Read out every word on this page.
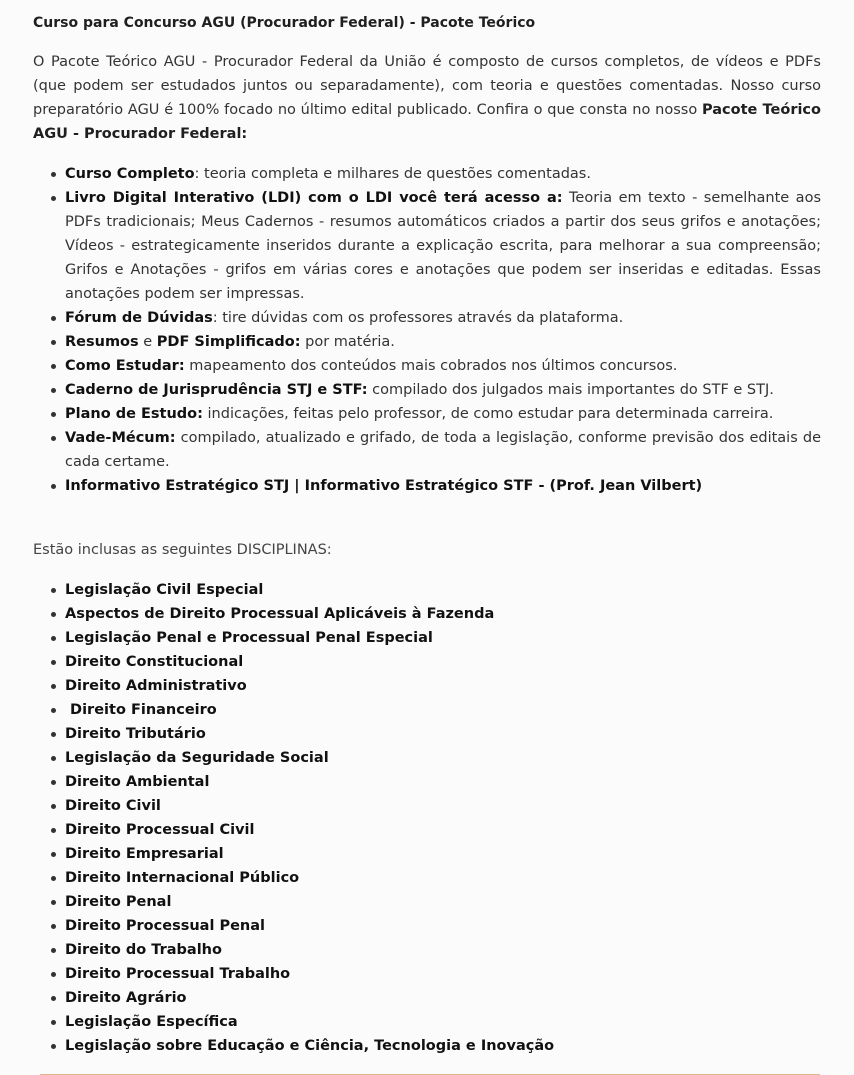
Curso para Concurso AGU (Procurador Federal) - Pacote Teórico

O Pacote Teórico AGU - Procurador Federal da União é composto de cursos completos, de vídeos e PDFs (que podem ser estudados juntos ou separadamente), com teoria e questões comentadas. Nosso curso preparatório AGU é 100% focado no último edital publicado. Confira o que consta no nosso Pacote Teórico AGU - Procurador Federal:

Curso Completo: teoria completa e milhares de questões comentadas.
Livro Digital Interativo (LDI) com o LDI você terá acesso a: Teoria em texto - semelhante aos PDFs tradicionais; Meus Cadernos - resumos automáticos criados a partir dos seus grifos e anotações; Vídeos - estrategicamente inseridos durante a explicação escrita, para melhorar a sua compreensão; Grifos e Anotações - grifos em várias cores e anotações que podem ser inseridas e editadas. Essas anotações podem ser impressas.
Fórum de Dúvidas: tire dúvidas com os professores através da plataforma.
Resumos e PDF Simplificado: por matéria.
Como Estudar: mapeamento dos conteúdos mais cobrados nos últimos concursos.
Caderno de Jurisprudência STJ e STF: compilado dos julgados mais importantes do STF e STJ.
Plano de Estudo: indicações, feitas pelo professor, de como estudar para determinada carreira.
Vade-Mécum: compilado, atualizado e grifado, de toda a legislação, conforme previsão dos editais de cada certame.
Informativo Estratégico STJ | Informativo Estratégico STF - (Prof. Jean Vilbert)

Estão inclusas as seguintes DISCIPLINAS:

Legislação Civil Especial
Aspectos de Direito Processual Aplicáveis à Fazenda
Legislação Penal e Processual Penal Especial
Direito Constitucional
Direito Administrativo
Direito Financeiro
Direito Tributário
Legislação da Seguridade Social
Direito Ambiental
Direito Civil
Direito Processual Civil
Direito Empresarial
Direito Internacional Público
Direito Penal
Direito Processual Penal
Direito do Trabalho
Direito Processual Trabalho
Direito Agrário
Legislação Específica
Legislação sobre Educação e Ciência, Tecnologia e Inovação
